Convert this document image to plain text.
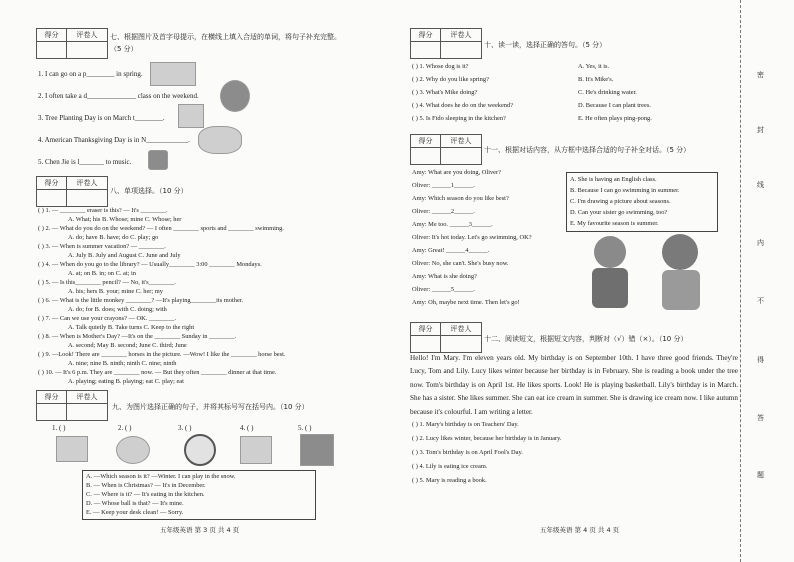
得分	评卷人	七、根据图片及首字母提示，在横线上填入合适的单词，将句子补充完整。
（5 分）
1. I can go on a p________ in spring.
2. I often take a d______________ class on the weekend.
3. Tree Planting Day is on March t________.
4. American Thanksgiving Day is in N____________.
5. Chen Jie is l_______ to music.
得分	评卷人
八、单项选择。（10 分）
( ) 1. — ________ eraser is this? — It's ________.
A. What; his B. Whose; mine C. Whose; her
( ) 2. — What do you do on the weekend? — I often ________ sports and ________ swimming.
A. do; have B. have; do C. play; go
( ) 3. — When is summer vacation? — ________.
A. July B. July and August C. June and July
( ) 4. — When do you go to the library? — Usually________ 3:00 ________ Mondays.
A. at; on B. in; on C. at; in
( ) 5. — Is this________ pencil? — No, it's________.
A. his; hers B. your; mine C. her; my
( ) 6. — What is the little monkey ________? —It's playing________its mother.
A. do; for B. does; with C. doing; with
( ) 7. — Can we use your crayons? — OK. ________.
A. Talk quietly B. Take turns C. Keep to the right
( ) 8. — When is Mother's Day? —It's on the ________ Sunday in ________.
A. second; May B. second; June C. third; June
( ) 9. —Look! There are ________ horses in the picture. —Wow! I like the ________ horse best.
A. nine; nine B. ninth; ninth C. nine; ninth
( ) 10. — It's 6 p.m. They are ________ now. — But they often ________ dinner at that time.
A. playing; eating B. playing; eat C. play; eat
得分	评卷人
九、为图片选择正确的句子，并将其标号写在括号内。（10 分）
1. ( )	2. ( )	3. ( )	4. ( )	5. ( )
A. —Which season is it? —Winter. I can play in the snow.
B. — When is Christmas? — It's in December.
C. — Where is it? — It's eating in the kitchen.
D. — Whose ball is that? — It's mine.
E. — Keep your desk clean! — Sorry.
五年级英语 第 3 页 共 4 页
得分	评卷人
十、读一读，选择正确的答句。（5 分）
( ) 1. Whose dog is it?
( ) 2. Why do you like spring?
( ) 3. What's Mike doing?
( ) 4. What does he do on the weekend?
( ) 5. Is Fido sleeping in the kitchen?
A. Yes, it is.
B. It's Mike's.
C. He's drinking water.
D. Because I can plant trees.
E. He often plays ping-pong.
得分	评卷人
十一、根据对话内容，从方框中选择合适的句子补全对话。（5 分）
Amy: What are you doing, Oliver?
Oliver: ______1______.
Amy: Which season do you like best?
Oliver: ______2______.
Amy: Me too. ______3______.
Oliver: It's hot today. Let's go swimming, OK?
Amy: Great! ______4______.
Oliver: No, she can't. She's busy now.
Amy: What is she doing?
Oliver: ______5______.
Amy: Oh, maybe next time. Then let's go!
A. She is having an English class.
B. Because I can go swimming in summer.
C. I'm drawing a picture about seasons.
D. Can your sister go swimming, too?
E. My favourite season is summer.
得分	评卷人
十二、阅读短文，根据短文内容，判断对（√）错（×）。（10 分）
Hello! I'm Mary. I'm eleven years old. My birthday is on September 10th. I have three good friends. They're Lucy, Tom and Lily. Lucy likes winter because her birthday is in February. She is reading a book under the tree now. Tom's birthday is on April 1st. He likes sports. Look! He is playing basketball. Lily's birthday is in March. She has a sister. She likes summer. She can eat ice cream in summer. She is drawing ice cream now. I like autumn because it's colourful. I am writing a letter.
( ) 1. Mary's birthday is on Teachers' Day.
( ) 2. Lucy likes winter, because her birthday is in January.
( ) 3. Tom's birthday is on April Fool's Day.
( ) 4. Lily is eating ice cream.
( ) 5. Mary is reading a book.
五年级英语 第 4 页 共 4 页
密
封
线
内
不
得
答
题
